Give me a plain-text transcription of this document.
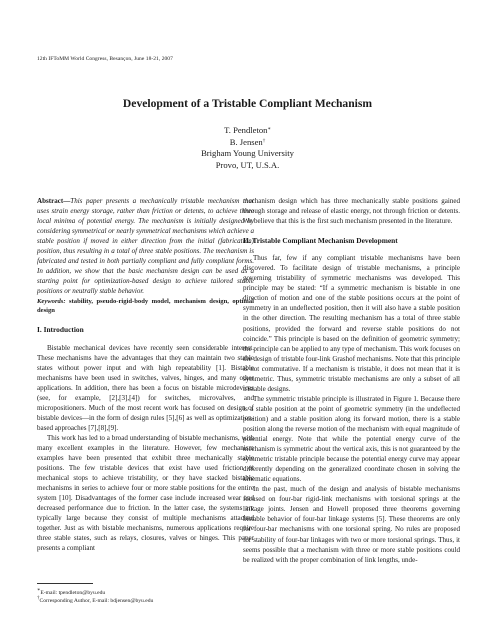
12th IFToMM World Congress, Besançon, June 18-21, 2007
Development of a Tristable Compliant Mechanism
T. Pendleton∗
B. Jensen†
Brigham Young University
Provo, UT, U.S.A.

Abstract—This paper presents a mechanically tristable mechanism that uses strain energy storage, rather than friction or detents, to achieve three local minima of potential energy. The mechanism is initially designed by considering symmetrical or nearly symmetrical mechanisms which achieve a stable position if moved in either direction from the initial (fabrication) position, thus resulting in a total of three stable positions. The mechanism is fabricated and tested in both partially compliant and fully compliant forms. In addition, we show that the basic mechanism design can be used as a starting point for optimization-based design to achieve tailored stable positions or neutrally stable behavior.

Keywords: stability, pseudo-rigid-body model, mechanism design, optimal design

I. Introduction

Bistable mechanical devices have recently seen considerable interest. These mechanisms have the advantages that they can maintain two stable states without power input and with high repeatability [1]. Bistable mechanisms have been used in switches, valves, hinges, and many other applications. In addition, there has been a focus on bistable microdevices (see, for example, [2],[3],[4]) for switches, microvalves, and micropositioners. Much of the most recent work has focused on design of bistable devices—in the form of design rules [5],[6] as well as optimization-based approaches [7],[8],[9].

This work has led to a broad understanding of bistable mechanisms, with many excellent examples in the literature. However, few mechanism examples have been presented that exhibit three mechanically stable positions. The few tristable devices that exist have used friction or mechanical stops to achieve tristability, or they have stacked bistable mechanisms in series to achieve four or more stable positions for the entire system [10]. Disadvantages of the former case include increased wear and decreased performance due to friction. In the latter case, the systems are typically large because they consist of multiple mechanisms attached together. Just as with bistable mechanisms, numerous applications require three stable states, such as relays, closures, valves or hinges. This paper presents a compliant

mechanism design which has three mechanically stable positions gained through storage and release of elastic energy, not through friction or detents. We believe that this is the first such mechanism presented in the literature.

II. Tristable Compliant Mechanism Development

Thus far, few if any compliant tristable mechanisms have been discovered. To facilitate design of tristable mechanisms, a principle governing tristability of symmetric mechanisms was developed. This principle may be stated: “If a symmetric mechanism is bistable in one direction of motion and one of the stable positions occurs at the point of symmetry in an undeflected position, then it will also have a stable position in the other direction. The resulting mechanism has a total of three stable positions, provided the forward and reverse stable positions do not coincide.” This principle is based on the definition of geometric symmetry; the principle can be applied to any type of mechanism. This work focuses on the design of tristable four-link Grashof mechanisms. Note that this principle is not commutative. If a mechanism is tristable, it does not mean that it is symmetric. Thus, symmetric tristable mechanisms are only a subset of all tristable designs.

The symmetric tristable principle is illustrated in Figure 1. Because there is a stable position at the point of geometric symmetry (in the undeflected position) and a stable position along its forward motion, there is a stable position along the reverse motion of the mechanism with equal magnitude of potential energy. Note that while the potential energy curve of the mechanism is symmetric about the vertical axis, this is not guaranteed by the symmetric tristable principle because the potential energy curve may appear differently depending on the generalized coordinate chosen in solving the kinematic equations.

In the past, much of the design and analysis of bistable mechanisms focused on four-bar rigid-link mechanisms with torsional springs at the linkage joints. Jensen and Howell proposed three theorems governing bistable behavior of four-bar linkage systems [5]. These theorems are only for four-bar mechanisms with one torsional spring. No rules are proposed for stability of four-bar linkages with two or more torsional springs. Thus, it seems possible that a mechanism with three or more stable positions could be realized with the proper combination of link lengths, unde-

∗E-mail: tpendleton@byu.edu
†Corresponding Author, E-mail: bdjensen@byu.edu
